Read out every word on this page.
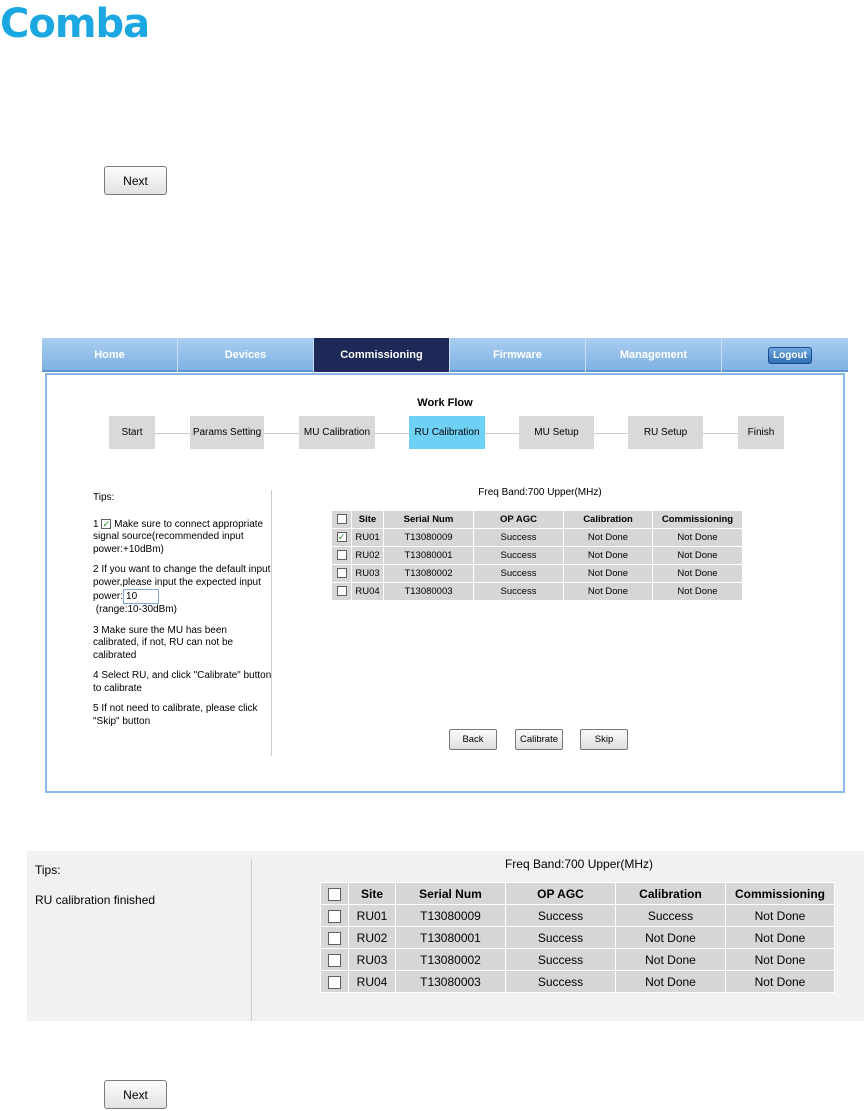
Comba
Next
Home	Devices	Commissioning	Firmware	Management	Logout
Work Flow
Start	Params Setting	MU Calibration	RU Calibration	MU Setup	RU Setup	Finish

Tips:

1 ✓ Make sure to connect appropriate signal source(recommended input power:+10dBm)

2 If you want to change the default input power,please input the expected input power:10
(range:10-30dBm)

3 Make sure the MU has been calibrated, if not, RU can not be calibrated

4 Select RU, and click "Calibrate" button to calibrate

5 If not need to calibrate, please click "Skip" button

Freq Band:700 Upper(MHz)
	Site	Serial Num	OP AGC	Calibration	Commissioning
✓	RU01	T13080009	Success	Not Done	Not Done
	RU02	T13080001	Success	Not Done	Not Done
	RU03	T13080002	Success	Not Done	Not Done
	RU04	T13080003	Success	Not Done	Not Done
Back	Calibrate	Skip
Tips:
RU calibration finished
Freq Band:700 Upper(MHz)
	Site	Serial Num	OP AGC	Calibration	Commissioning
	RU01	T13080009	Success	Success	Not Done
	RU02	T13080001	Success	Not Done	Not Done
	RU03	T13080002	Success	Not Done	Not Done
	RU04	T13080003	Success	Not Done	Not Done
Next
